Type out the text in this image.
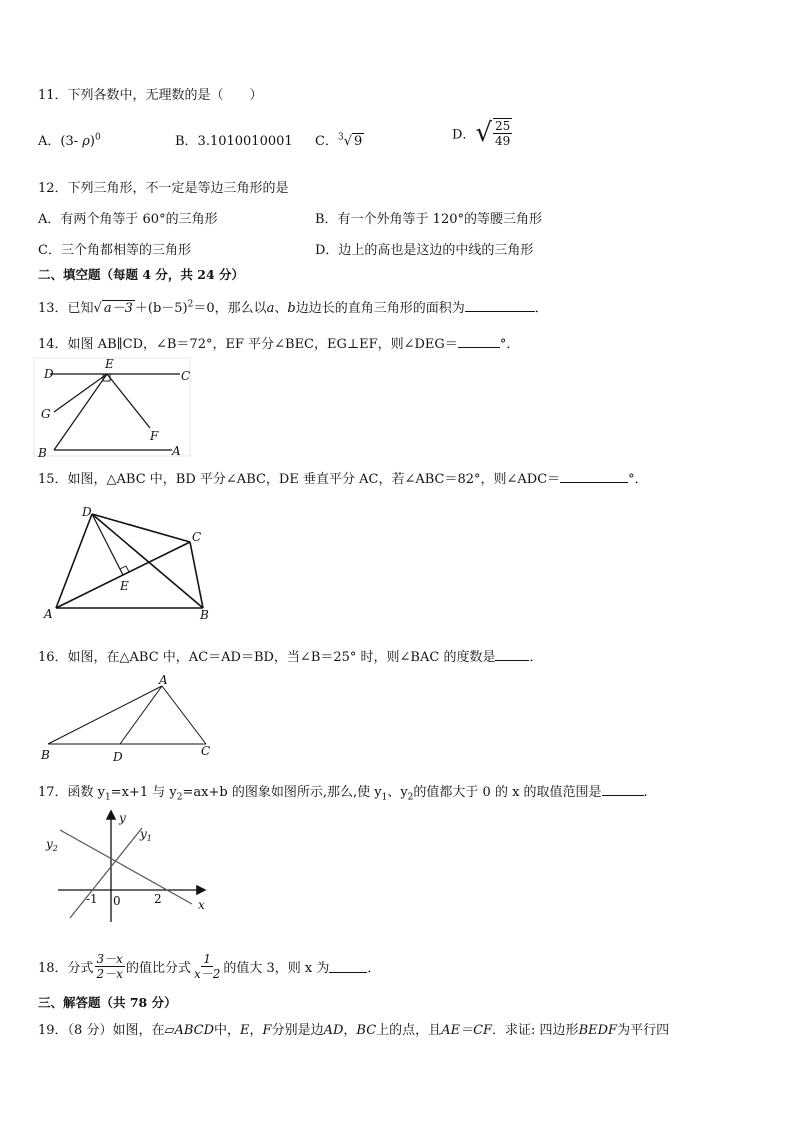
11．下列各数中，无理数的是（　　）
A．(3- ρ)$^0$	B．3.1010010001 C．$^3$√ 9	D．√ $\frac{25}{49}$
12．下列三角形，不一定是等边三角形的是
A．有两个角等于 60°的三角形	B．有一个外角等于 120°的等腰三角形
C．三个角都相等的三角形	D．边上的高也是这边的中线的三角形
二、填空题（每题 4 分，共 24 分）
13．已知√ $a-3 +(b-5)^2=0$，那么以a、b边边长的直角三角形的面积为	．
14．如图 AB∥CD，∠B＝72°，EF 平分∠BEC，EG⊥EF，则∠DEG＝	°．
D
E
C
G
F
B	A
15．如图，△ABC 中，BD 平分∠ABC，DE 垂直平分 AC，若∠ABC＝82°，则∠ADC＝	°．
D
C
E
A	B
16．如图，在△ABC 中，AC＝AD＝BD，当∠B＝25° 时，则∠BAC 的度数是	．
A
B	D	C
17．函数 $y_1=x+1$ 与 $y_2=ax+b$ 的图象如图所示,那么,使 $y_1$、$y_2$的值都大于 0 的 x 的取值范围是	.
y
$y_1$
$y_2$
x
-1 0	2
18．分式 $\frac{3-x}{2-x}$ 的值比分式 $\frac{1}{x-2}$ 的值大 3，则 x 为	．
三、解答题（共 78 分）
19．（8 分）如图，在▱ABCD中，E，F分别是边AD，BC上的点，且AE＝CF．求证: 四边形BEDF为平行四
